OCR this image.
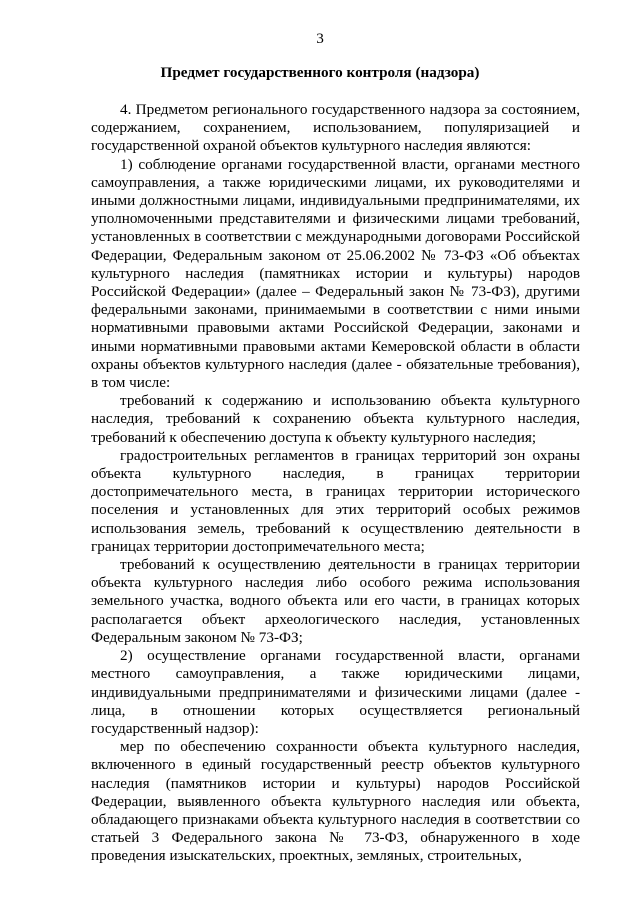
3
Предмет государственного контроля (надзора)

4. Предметом регионального государственного надзора за состоянием, содержанием, сохранением, использованием, популяризацией и государственной охраной объектов культурного наследия являются:

1) соблюдение органами государственной власти, органами местного самоуправления, а также юридическими лицами, их руководителями и иными должностными лицами, индивидуальными предпринимателями, их уполномоченными представителями и физическими лицами требований, установленных в соответствии с международными договорами Российской Федерации, Федеральным законом от 25.06.2002 № 73-ФЗ «Об объектах культурного наследия (памятниках истории и культуры) народов Российской Федерации» (далее – Федеральный закон № 73-ФЗ), другими федеральными законами, принимаемыми в соответствии с ними иными нормативными правовыми актами Российской Федерации, законами и иными нормативными правовыми актами Кемеровской области в области охраны объектов культурного наследия (далее - обязательные требования), в том числе:

требований к содержанию и использованию объекта культурного наследия, требований к сохранению объекта культурного наследия, требований к обеспечению доступа к объекту культурного наследия;

градостроительных регламентов в границах территорий зон охраны объекта культурного наследия, в границах территории достопримечательного места, в границах территории исторического поселения и установленных для этих территорий особых режимов использования земель, требований к осуществлению деятельности в границах территории достопримечательного места;

требований к осуществлению деятельности в границах территории объекта культурного наследия либо особого режима использования земельного участка, водного объекта или его части, в границах которых располагается объект археологического наследия, установленных Федеральным законом № 73-ФЗ;

2) осуществление органами государственной власти, органами местного самоуправления, а также юридическими лицами, индивидуальными предпринимателями и физическими лицами (далее - лица, в отношении которых осуществляется региональный государственный надзор):

мер по обеспечению сохранности объекта культурного наследия, включенного в единый государственный реестр объектов культурного наследия (памятников истории и культуры) народов Российской Федерации, выявленного объекта культурного наследия или объекта, обладающего признаками объекта культурного наследия в соответствии со статьей 3 Федерального закона № 73-ФЗ, обнаруженного в ходе проведения изыскательских, проектных, земляных, строительных,
